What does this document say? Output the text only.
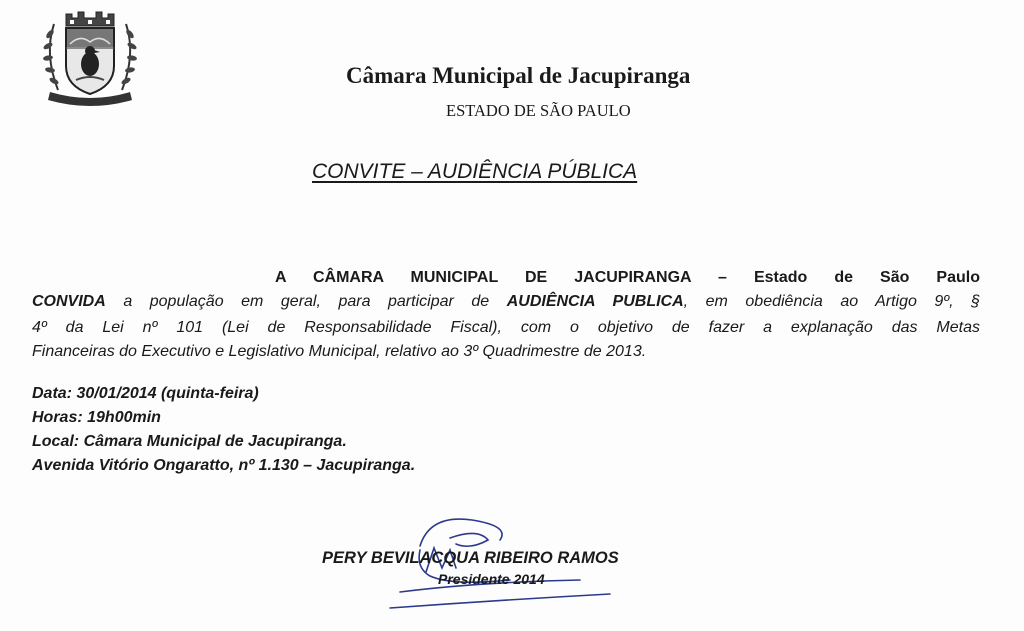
Câmara Municipal de Jacupiranga
ESTADO DE SÃO PAULO
CONVITE – AUDIÊNCIA PÚBLICA
A CÂMARA MUNICIPAL DE JACUPIRANGA – Estado de São Paulo
CONVIDA a população em geral, para participar de AUDIÊNCIA PUBLICA, em obediência ao Artigo 9º, §
4º da Lei nº 101 (Lei de Responsabilidade Fiscal), com o objetivo de fazer a explanação das Metas
Financeiras do Executivo e Legislativo Municipal, relativo ao 3º Quadrimestre de 2013.
Data: 30/01/2014 (quinta-feira)
Horas: 19h00min
Local: Câmara Municipal de Jacupiranga.
Avenida Vitório Ongaratto, nº 1.130 – Jacupiranga.
PERY BEVILACQUA RIBEIRO RAMOS
Presidente 2014
